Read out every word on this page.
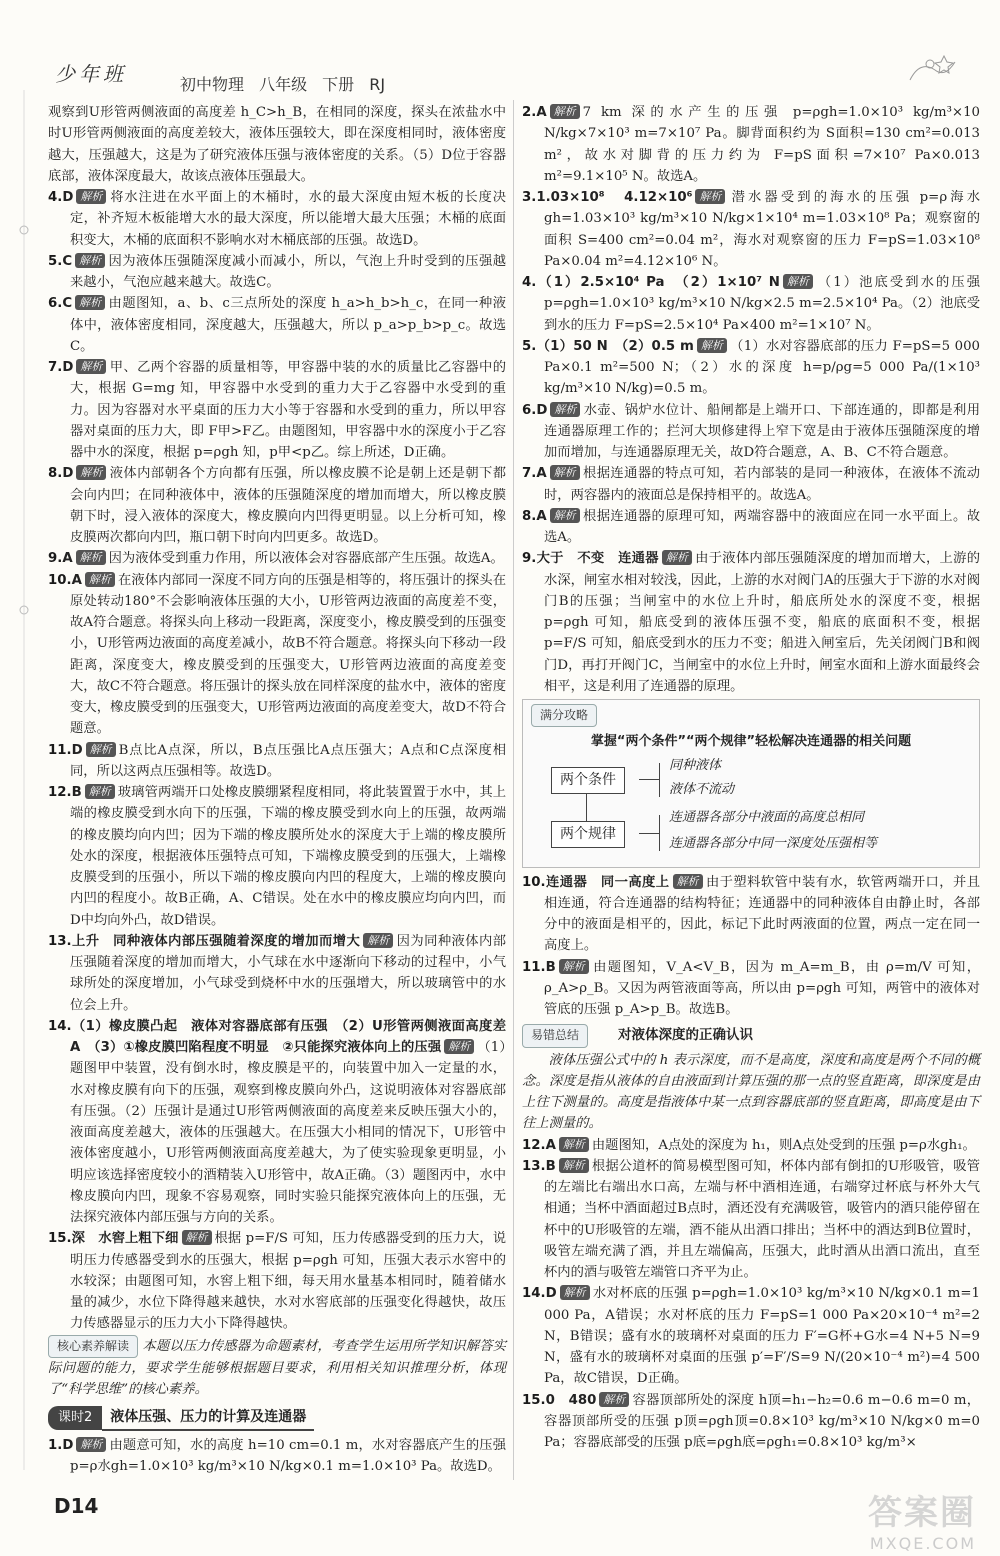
少年班	初中物理 八年级 下册 RJ

观察到U形管两侧液面的高度差 h_C>h_B，在相同的深度，探头在浓盐水中时U形管两侧液面的高度差较大，液体压强较大，即在深度相同时，液体密度越大，压强越大，这是为了研究液体压强与液体密度的关系。（5）D位于容器底部，液体深度最大，故该点液体压强最大。

4.D 解析 将水注进在水平面上的木桶时，水的最大深度由短木板的长度决定，补齐短木板能增大水的最大深度，所以能增大最大压强；木桶的底面积变大，木桶的底面积不影响水对木桶底部的压强。故选D。

5.C 解析 因为液体压强随深度减小而减小，所以，气泡上升时受到的压强越来越小，气泡应越来越大。故选C。

6.C 解析 由题图知，a、b、c三点所处的深度 h_a>h_b>h_c，在同一种液体中，液体密度相同，深度越大，压强越大，所以 p_a>p_b>p_c。故选C。

7.D 解析 甲、乙两个容器的质量相等，甲容器中装的水的质量比乙容器中的大，根据 G=mg 知，甲容器中水受到的重力大于乙容器中水受到的重力。因为容器对水平桌面的压力大小等于容器和水受到的重力，所以甲容器对桌面的压力大，即 F甲>F乙。由题图知，甲容器中水的深度小于乙容器中水的深度，根据 p=ρgh 知，p甲<p乙。综上所述，D正确。

8.D 解析 液体内部朝各个方向都有压强，所以橡皮膜不论是朝上还是朝下都会向内凹；在同种液体中，液体的压强随深度的增加而增大，所以橡皮膜朝下时，浸入液体的深度大，橡皮膜向内凹得更明显。以上分析可知，橡皮膜两次都向内凹，瓶口朝下时向内凹更多。故选D。

9.A 解析 因为液体受到重力作用，所以液体会对容器底部产生压强。故选A。

10.A 解析 在液体内部同一深度不同方向的压强是相等的，将压强计的探头在原处转动180°不会影响液体压强的大小，U形管两边液面的高度差不变，故A符合题意。将探头向上移动一段距离，深度变小，橡皮膜受到的压强变小，U形管两边液面的高度差减小，故B不符合题意。将探头向下移动一段距离，深度变大，橡皮膜受到的压强变大，U形管两边液面的高度差变大，故C不符合题意。将压强计的探头放在同样深度的盐水中，液体的密度变大，橡皮膜受到的压强变大，U形管两边液面的高度差变大，故D不符合题意。

11.D 解析 B点比A点深，所以，B点压强比A点压强大；A点和C点深度相同，所以这两点压强相等。故选D。

12.B 解析 玻璃管两端开口处橡皮膜绷紧程度相同，将此装置置于水中，其上端的橡皮膜受到水向下的压强，下端的橡皮膜受到水向上的压强，故两端的橡皮膜均向内凹；因为下端的橡皮膜所处水的深度大于上端的橡皮膜所处水的深度，根据液体压强特点可知，下端橡皮膜受到的压强大，上端橡皮膜受到的压强小，所以下端的橡皮膜向内凹的程度大，上端的橡皮膜向内凹的程度小。故B正确，A、C错误。处在水中的橡皮膜应均向内凹，而D中均向外凸，故D错误。

13.上升　同种液体内部压强随着深度的增加而增大 解析 因为同种液体内部压强随着深度的增加而增大，小气球在水中逐渐向下移动的过程中，小气球所处的深度增加，小气球受到烧杯中水的压强增大，所以玻璃管中的水位会上升。

14.（1）橡皮膜凸起　液体对容器底部有压强　（2）U形管两侧液面高度差　A　（3）①橡皮膜凹陷程度不明显　②只能探究液体向上的压强 解析 （1）题图甲中装置，没有倒水时，橡皮膜是平的，向装置中加入一定量的水，水对橡皮膜有向下的压强，观察到橡皮膜向外凸，这说明液体对容器底部有压强。（2）压强计是通过U形管两侧液面的高度差来反映压强大小的，液面高度差越大，液体的压强越大。在压强大小相同的情况下，U形管中液体密度越小，U形管两侧液面高度差越大，为了使实验现象更明显，小明应该选择密度较小的酒精装入U形管中，故A正确。（3）题图丙中，水中橡皮膜向内凹，现象不容易观察，同时实验只能探究液体向上的压强，无法探究液体内部压强与方向的关系。

15.深　水窖上粗下细 解析 根据 p=F/S 可知，压力传感器受到的压力大，说明压力传感器受到水的压强大，根据 p=ρgh 可知，压强大表示水窖中的水较深；由题图可知，水窖上粗下细，每天用水量基本相同时，随着储水量的减少，水位下降得越来越快，水对水窖底部的压强变化得越快，故压力传感器显示的压力大小下降得越快。

核心素养解读 本题以压力传感器为命题素材，考查学生运用所学知识解答实际问题的能力，要求学生能够根据题目要求，利用相关知识推理分析，体现了“科学思维”的核心素养。

课时2 液体压强、压力的计算及连通器

1.D 解析 由题意可知，水的高度 h=10 cm=0.1 m，水对容器底产生的压强 p=ρ水gh=1.0×10³ kg/m³×10 N/kg×0.1 m=1.0×10³ Pa。故选D。

2.A 解析 7 km 深的水产生的压强 p=ρgh=1.0×10³ kg/m³×10 N/kg×7×10³ m=7×10⁷ Pa。脚背面积约为 S面积=130 cm²=0.013 m²，故水对脚背的压力约为 F=pS面积=7×10⁷ Pa×0.013 m²=9.1×10⁵ N。故选A。

3.1.03×10⁸　4.12×10⁶ 解析 潜水器受到的海水的压强 p=ρ海水gh=1.03×10³ kg/m³×10 N/kg×1×10⁴ m=1.03×10⁸ Pa；观察窗的面积 S=400 cm²=0.04 m²，海水对观察窗的压力 F=pS=1.03×10⁸ Pa×0.04 m²=4.12×10⁶ N。

4.（1）2.5×10⁴ Pa　（2）1×10⁷ N 解析 （1）池底受到水的压强 p=ρgh=1.0×10³ kg/m³×10 N/kg×2.5 m=2.5×10⁴ Pa。（2）池底受到水的压力 F=pS=2.5×10⁴ Pa×400 m²=1×10⁷ N。

5.（1）50 N　（2）0.5 m 解析 （1）水对容器底部的压力 F=pS=5 000 Pa×0.1 m²=500 N；（2）水的深度 h=p/ρg=5 000 Pa/(1×10³ kg/m³×10 N/kg)=0.5 m。

6.D 解析 水壶、锅炉水位计、船闸都是上端开口、下部连通的，即都是利用连通器原理工作的；拦河大坝修建得上窄下宽是由于液体压强随深度的增加而增加，与连通器原理无关，故D符合题意，A、B、C不符合题意。

7.A 解析 根据连通器的特点可知，若内部装的是同一种液体，在液体不流动时，两容器内的液面总是保持相平的。故选A。

8.A 解析 根据连通器的原理可知，两端容器中的液面应在同一水平面上。故选A。

9.大于　不变　连通器 解析 由于液体内部压强随深度的增加而增大，上游的水深，闸室水相对较浅，因此，上游的水对阀门A的压强大于下游的水对阀门B的压强；当闸室中的水位上升时，船底所处水的深度不变，根据 p=ρgh 可知，船底受到的液体压强不变，船底的底面积不变，根据 p=F/S 可知，船底受到水的压力不变；船进入闸室后，先关闭阀门B和阀门D，再打开阀门C，当闸室中的水位上升时，闸室水面和上游水面最终会相平，这是利用了连通器的原理。

满分攻略
掌握“两个条件”“两个规律”轻松解决连通器的相关问题
两个条件
同种液体
液体不流动
两个规律
连通器各部分中液面的高度总相同
连通器各部分中同一深度处压强相等

10.连通器　同一高度上 解析 由于塑料软管中装有水，软管两端开口，并且相连通，符合连通器的结构特征；连通器中的同种液体自由静止时，各部分中的液面是相平的，因此，标记下此时两液面的位置，两点一定在同一高度上。

11.B 解析 由题图知，V_A<V_B，因为 m_A=m_B，由 ρ=m/V 可知，ρ_A>ρ_B。又因为两管液面等高，所以由 p=ρgh 可知，两管中的液体对管底的压强 p_A>p_B。故选B。

易错总结	对液体深度的正确认识

液体压强公式中的 h 表示深度，而不是高度，深度和高度是两个不同的概念。深度是指从液体的自由液面到计算压强的那一点的竖直距离，即深度是由上往下测量的。高度是指液体中某一点到容器底部的竖直距离，即高度是由下往上测量的。

12.A 解析 由题图知，A点处的深度为 h₁，则A点处受到的压强 p=ρ水gh₁。

13.B 解析 根据公道杯的简易模型图可知，杯体内部有倒扣的U形吸管，吸管的左端比右端出水口高，左端与杯中酒相连通，右端穿过杯底与杯外大气相通；当杯中酒面超过B点时，酒还没有充满吸管，吸管内的酒只能停留在杯中的U形吸管的左端，酒不能从出酒口排出；当杯中的酒达到B位置时，吸管左端充满了酒，并且左端偏高，压强大，此时酒从出酒口流出，直至杯内的酒与吸管左端管口齐平为止。

14.D 解析 水对杯底的压强 p=ρgh=1.0×10³ kg/m³×10 N/kg×0.1 m=1 000 Pa，A错误；水对杯底的压力 F=pS=1 000 Pa×20×10⁻⁴ m²=2 N，B错误；盛有水的玻璃杯对桌面的压力 F′=G杯+G水=4 N+5 N=9 N，盛有水的玻璃杯对桌面的压强 p′=F′/S=9 N/(20×10⁻⁴ m²)=4 500 Pa，故C错误，D正确。

15.0　480 解析 容器顶部所处的深度 h顶=h₁−h₂=0.6 m−0.6 m=0 m，容器顶部所受的压强 p顶=ρgh顶=0.8×10³ kg/m³×10 N/kg×0 m=0 Pa；容器底部受的压强 p底=ρgh底=ρgh₁=0.8×10³ kg/m³×

D14	答案圈
MXQE.COM
